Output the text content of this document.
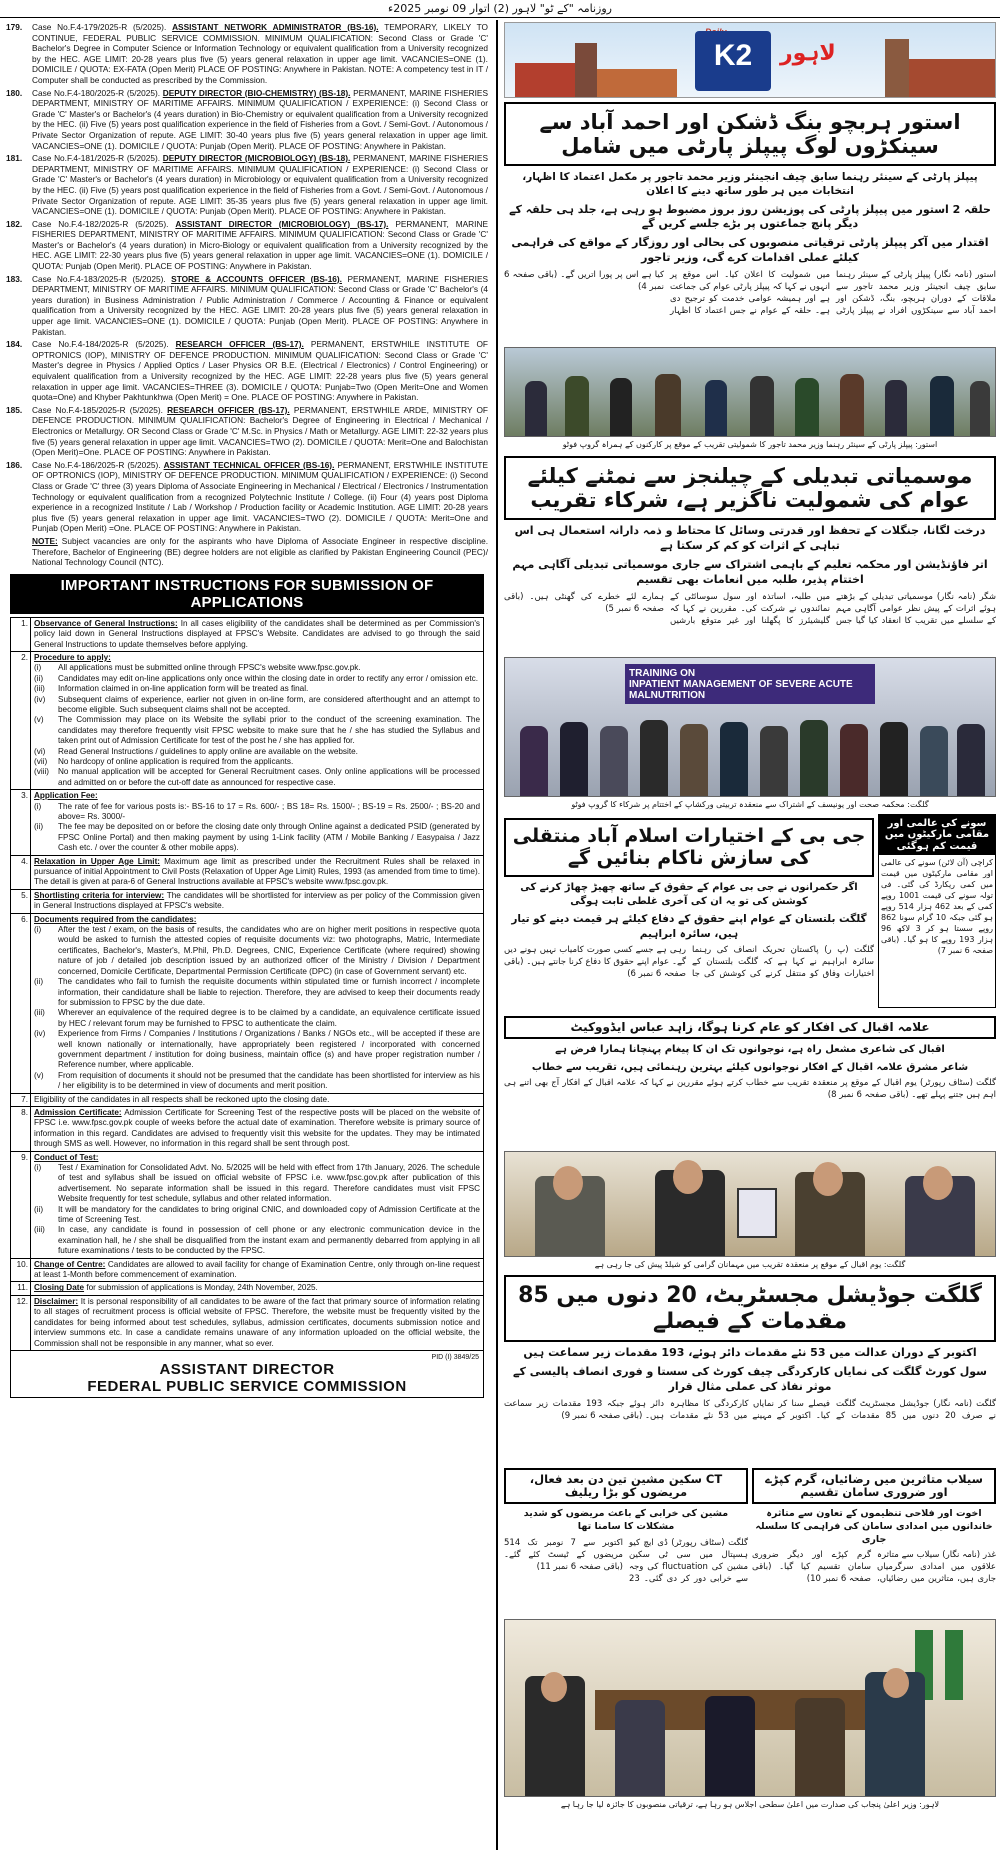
روزنامہ "کے ٹو" لاہور (2) اتوار 09 نومبر 2025ء
179.	Case No.F.4-179/2025-R (5/2025). ASSISTANT NETWORK ADMINISTRATOR (BS-16). TEMPORARY, LIKELY TO CONTINUE, FEDERAL PUBLIC SERVICE COMMISSION. MINIMUM QUALIFICATION: Second Class or Grade 'C' Bachelor's Degree in Computer Science or Information Technology or equivalent qualification from a University recognized by the HEC. AGE LIMIT: 20-28 years plus five (5) years general relaxation in upper age limit. VACANCIES=ONE (1). DOMICILE / QUOTA: EX-FATA (Open Merit) PLACE OF POSTING: Anywhere in Pakistan. NOTE: A competency test in IT / Computer shall be conducted as prescribed by the Commission.
180.	Case No.F.4-180/2025-R (5/2025). DEPUTY DIRECTOR (BIO-CHEMISTRY) (BS-18). PERMANENT, MARINE FISHERIES DEPARTMENT, MINISTRY OF MARITIME AFFAIRS. MINIMUM QUALIFICATION / EXPERIENCE: (i) Second Class or Grade 'C' Master's or Bachelor's (4 years duration) in Bio-Chemistry or equivalent qualification from a University recognized by the HEC. (ii) Five (5) years post qualification experience in the field of Fisheries from a Govt. / Semi-Govt. / Autonomous / Private Sector Organization of repute. AGE LIMIT: 30-40 years plus five (5) years general relaxation in upper age limit. VACANCIES=ONE (1). DOMICILE / QUOTA: Punjab (Open Merit). PLACE OF POSTING: Anywhere in Pakistan.
181.	Case No.F.4-181/2025-R (5/2025). DEPUTY DIRECTOR (MICROBIOLOGY) (BS-18). PERMANENT, MARINE FISHERIES DEPARTMENT, MINISTRY OF MARITIME AFFAIRS. MINIMUM QUALIFICATION / EXPERIENCE: (i) Second Class or Grade 'C' Master's or Bachelor's (4 years duration) in Microbiology or equivalent qualification from a University recognized by the HEC. (ii) Five (5) years post qualification experience in the field of Fisheries from a Govt. / Semi-Govt. / Autonomous / Private Sector Organization of repute. AGE LIMIT: 35-35 years plus five (5) years general relaxation in upper age limit. VACANCIES=ONE (1). DOMICILE / QUOTA: Punjab (Open Merit). PLACE OF POSTING: Anywhere in Pakistan.
182.	Case No.F.4-182/2025-R (5/2025). ASSISTANT DIRECTOR (MICROBIOLOGY) (BS-17). PERMANENT, MARINE FISHERIES DEPARTMENT, MINISTRY OF MARITIME AFFAIRS. MINIMUM QUALIFICATION: Second Class or Grade 'C' Master's or Bachelor's (4 years duration) in Micro-Biology or equivalent qualification from a University recognized by the HEC. AGE LIMIT: 22-30 years plus five (5) years general relaxation in upper age limit. VACANCIES=ONE (1). DOMICILE / QUOTA: Punjab (Open Merit). PLACE OF POSTING: Anywhere in Pakistan.
183.	Case No.F.4-183/2025-R (5/2025). STORE & ACCOUNTS OFFICER (BS-16). PERMANENT, MARINE FISHERIES DEPARTMENT, MINISTRY OF MARITIME AFFAIRS. MINIMUM QUALIFICATION: Second Class or Grade 'C' Bachelor's (4 years duration) in Business Administration / Public Administration / Commerce / Accounting & Finance or equivalent qualification from a University recognized by the HEC. AGE LIMIT: 20-28 years plus five (5) years general relaxation in upper age limit. VACANCIES=ONE (1). DOMICILE / QUOTA: Punjab (Open Merit). PLACE OF POSTING: Anywhere in Pakistan.
184.	Case No.F.4-184/2025-R (5/2025). RESEARCH OFFICER (BS-17). PERMANENT, ERSTWHILE INSTITUTE OF OPTRONICS (IOP), MINISTRY OF DEFENCE PRODUCTION. MINIMUM QUALIFICATION: Second Class or Grade 'C' Master's degree in Physics / Applied Optics / Laser Physics OR B.E. (Electrical / Electronics) / Control Engineering) or equivalent qualification from a University recognized by the HEC. AGE LIMIT: 22-28 years plus five (5) years general relaxation in upper age limit. VACANCIES=THREE (3). DOMICILE / QUOTA: Punjab=Two (Open Merit=One and Women quota=One) and Khyber Pakhtunkhwa (Open Merit) = One. PLACE OF POSTING: Anywhere in Pakistan.
185.	Case No.F.4-185/2025-R (5/2025). RESEARCH OFFICER (BS-17). PERMANENT, ERSTWHILE ARDE, MINISTRY OF DEFENCE PRODUCTION. MINIMUM QUALIFICATION: Bachelor's Degree of Engineering in Electrical / Mechanical / Electronics or Metallurgy. OR Second Class or Grade 'C' M.Sc. in Physics / Math or Metallurgy. AGE LIMIT: 22-32 years plus five (5) years general relaxation in upper age limit. VACANCIES=TWO (2). DOMICILE / QUOTA: Merit=One and Balochistan (Open Merit)=One. PLACE OF POSTING: Anywhere in Pakistan.
186.	Case No.F.4-186/2025-R (5/2025). ASSISTANT TECHNICAL OFFICER (BS-16). PERMANENT, ERSTWHILE INSTITUTE OF OPTRONICS (IOP), MINISTRY OF DEFENCE PRODUCTION. MINIMUM QUALIFICATION / EXPERIENCE: (i) Second Class or Grade 'C' three (3) years Diploma of Associate Engineering in Mechanical / Electrical / Electronics / Instrumentation Technology or equivalent qualification from a recognized Polytechnic Institute / College. (ii) Four (4) years post Diploma experience in a recognized Institute / Lab / Workshop / Production facility or Academic Institution. AGE LIMIT: 20-28 years plus five (5) years general relaxation in upper age limit. VACANCIES=TWO (2). DOMICILE / QUOTA: Merit=One and Punjab (Open Merit) =One. PLACE OF POSTING: Anywhere in Pakistan.
NOTE: Subject vacancies are only for the aspirants who have Diploma of Associate Engineer in respective discipline. Therefore, Bachelor of Engineering (BE) degree holders are not eligible as clarified by Pakistan Engineering Council (PEC)/ National Technology Council (NTC).
IMPORTANT INSTRUCTIONS FOR SUBMISSION OF APPLICATIONS
1. Observance of General Instructions: In all cases eligibility of the candidates shall be determined as per Commission's policy laid down in General Instructions displayed at FPSC's Website. Candidates are advised to go through the said General Instructions to update themselves before applying.
2. Procedure to apply:
(i)	All applications must be submitted online through FPSC's website www.fpsc.gov.pk.
(ii)	Candidates may edit on-line applications only once within the closing date in order to rectify any error / omission etc.
(iii)	Information claimed in on-line application form will be treated as final.
(iv)	Subsequent claims of experience, earlier not given in on-line form, are considered afterthought and an attempt to become eligible. Such subsequent claims shall not be accepted.
(v)	The Commission may place on its Website the syllabi prior to the conduct of the screening examination. The candidates may therefore frequently visit FPSC website to make sure that he / she has studied the Syllabus and taken print out of Admission Certificate for test of the post he / she has applied for.
(vi)	Read General Instructions / guidelines to apply online are available on the website.
(vii)	No hardcopy of online application is required from the applicants.
(viii)	No manual application will be accepted for General Recruitment cases. Only online applications will be processed and admitted on or before the cut-off date as announced for respective case.
3. Application Fee:
(i)	The rate of fee for various posts is:- BS-16 to 17 = Rs. 600/- ; BS 18= Rs. 1500/- ; BS-19 = Rs. 2500/- ; BS-20 and above= Rs. 3000/-
(ii)	The fee may be deposited on or before the closing date only through Online against a dedicated PSID (generated by FPSC Online Portal) and then making payment by using 1-Link facility (ATM / Mobile Banking / Easypaisa / Jazz Cash etc. / over the counter & other mobile apps).
4. Relaxation in Upper Age Limit: Maximum age limit as prescribed under the Recruitment Rules shall be relaxed in pursuance of initial Appointment to Civil Posts (Relaxation of Upper Age Limit) Rules, 1993 (as amended from time to time). The detail is given at para-6 of General Instructions available at FPSC's website www.fpsc.gov.pk.
5. Shortlisting criteria for interview: The candidates will be shortlisted for interview as per policy of the Commission given in General Instructions displayed at FPSC's website.
6. Documents required from the candidates:
(i)	After the test / exam, on the basis of results, the candidates who are on higher merit positions in respective quota would be asked to furnish the attested copies of requisite documents viz: two photographs, Matric, Intermediate certificates, Bachelor's, Master's, M.Phil, Ph.D. Degrees, CNIC, Experience Certificate (where required) showing nature of job / detailed job description issued by an authorized officer of the Ministry / Division / Department concerned, Domicile Certificate, Departmental Permission Certificate (DPC) (in case of Government servant) etc.
(ii)	The candidates who fail to furnish the requisite documents within stipulated time or furnish incorrect / incomplete information, their candidature shall be liable to rejection. Therefore, they are advised to keep their documents ready for submission to FPSC by the due date.
(iii)	Wherever an equivalence of the required degree is to be claimed by a candidate, an equivalence certificate issued by HEC / relevant forum may be furnished to FPSC to authenticate the claim.
(iv)	Experience from Firms / Companies / Institutions / Organizations / Banks / NGOs etc., will be accepted if these are well known nationally or internationally, have appropriately been registered / incorporated with concerned government department / institution for doing business, maintain office (s) and have proper registration number / Reference number, where applicable.
(v)	From requisition of documents it should not be presumed that the candidate has been shortlisted for interview as his / her eligibility is to be determined in view of documents and merit position.
7. Eligibility of the candidates in all respects shall be reckoned upto the closing date.
8. Admission Certificate: Admission Certificate for Screening Test of the respective posts will be placed on the website of FPSC i.e. www.fpsc.gov.pk couple of weeks before the actual date of examination. Therefore website is primary source of information in this regard. Candidates are advised to frequently visit this website for the updates. They may be intimated through SMS as well. However, no information in this regard shall be sent through post.
9. Conduct of Test:
(i)	Test / Examination for Consolidated Advt. No. 5/2025 will be held with effect from 17th January, 2026. The schedule of test and syllabus shall be issued on official website of FPSC i.e. www.fpsc.gov.pk after publication of this advertisement. No separate information shall be issued in this regard. Therefore candidates must visit FPSC Website frequently for test schedule, syllabus and other related information.
(ii)	It will be mandatory for the candidates to bring original CNIC, and downloaded copy of Admission Certificate at the time of Screening Test.
(iii)	In case, any candidate is found in possession of cell phone or any electronic communication device in the examination hall, he / she shall be disqualified from the instant exam and permanently debarred from applying in all future examinations / tests to be conducted by the FPSC.
10. Change of Centre: Candidates are allowed to avail facility for change of Examination Centre, only through on-line request at least 1-Month before commencement of examination.
11. Closing Date for submission of applications is Monday, 24th November, 2025.
12. Disclaimer: It is personal responsibility of all candidates to be aware of the fact that primary source of information relating to all stages of recruitment process is official website of FPSC. Therefore, the website must be frequently visited by the candidates for being informed about test schedules, syllabus, admission certificates, documents submission notice and interview summons etc. In case a candidate remains unaware of any information uploaded on the official website, the Commission shall not be responsible in any manner, what so ever.
PID (I) 3849/25
ASSISTANT DIRECTOR
FEDERAL PUBLIC SERVICE COMMISSION
K2	لاہور
استور ہربچو بنگ ڈشکن اور احمد آباد سے سینکڑوں لوگ پیپلز پارٹی میں شامل
پیپلز پارٹی کے سینئر رہنما سابق چیف انجینئر وزیر محمد تاجور پر مکمل اعتماد کا اظہار، انتخابات میں ہر طور ساتھ دینے کا اعلان
حلقہ 2 استور میں پیپلز پارٹی کی پوزیشن روز بروز مضبوط ہو رہی ہے، جلد ہی حلقہ کے دیگر پانچ جماعتوں پر بڑے جلسے کریں گے
اقتدار میں آکر پیپلز پارٹی ترقیاتی منصوبوں کی بحالی اور روزگار کے مواقع کی فراہمی کیلئے عملی اقدامات کرے گی، وزیر تاجور
استور (نامہ نگار) پیپلز پارٹی کے سینئر رہنما سابق چیف انجینئر وزیر محمد تاجور سے ملاقات کے دوران ہربچو، بنگ، ڈشکن اور احمد آباد سے سینکڑوں افراد نے پیپلز پارٹی میں شمولیت کا اعلان کیا۔ اس موقع پر انہوں نے کہا کہ پیپلز پارٹی عوام کی جماعت ہے اور ہمیشہ عوامی خدمت کو ترجیح دی ہے۔ حلقہ کے عوام نے جس اعتماد کا اظہار کیا ہے اس پر پورا اتریں گے۔ (باقی صفحہ 6 نمبر 4)
استور: پیپلز پارٹی کے سینئر رہنما وزیر محمد تاجور کا شمولیتی تقریب کے موقع پر کارکنوں کے ہمراہ گروپ فوٹو
موسمیاتی تبدیلی کے چیلنجز سے نمٹنے کیلئے عوام کی شمولیت ناگزیر ہے، شرکاء تقریب
درخت لگانا، جنگلات کے تحفظ اور قدرتی وسائل کا محتاط و ذمہ دارانہ استعمال ہی اس تباہی کے اثرات کو کم کر سکتا ہے
اتر فاؤنڈیشن اور محکمہ تعلیم کے باہمی اشتراک سے جاری موسمیاتی تبدیلی آگاہی مہم اختتام پذیر، طلبہ میں انعامات بھی تقسیم
شگر (نامہ نگار) موسمیاتی تبدیلی کے بڑھتے ہوئے اثرات کے پیش نظر عوامی آگاہی مہم کے سلسلے میں تقریب کا انعقاد کیا گیا جس میں طلبہ، اساتذہ اور سول سوسائٹی کے نمائندوں نے شرکت کی۔ مقررین نے کہا کہ گلیشیئرز کا پگھلنا اور غیر متوقع بارشیں ہمارے لئے خطرے کی گھنٹی ہیں۔ (باقی صفحہ 6 نمبر 5)
TRAINING ON
INPATIENT MANAGEMENT OF SEVERE ACUTE MALNUTRITION
گلگت: محکمہ صحت اور یونیسف کے اشتراک سے منعقدہ تربیتی ورکشاپ کے اختتام پر شرکاء کا گروپ فوٹو
جی بی کے اختیارات اسلام آباد منتقلی کی سازش ناکام بنائیں گے
اگر حکمرانوں نے جی بی عوام کے حقوق کے ساتھ چھیڑ چھاڑ کرنے کی کوشش کی تو یہ ان کی آخری غلطی ثابت ہوگی
گلگت بلتستان کے عوام اپنے حقوق کے دفاع کیلئے ہر قیمت دینے کو تیار ہیں، سائرہ ابراہیم
گلگت (پ ر) پاکستان تحریک انصاف کی رہنما سائرہ ابراہیم نے کہا ہے کہ گلگت بلتستان کے اختیارات وفاق کو منتقل کرنے کی کوشش کی جا رہی ہے جسے کسی صورت کامیاب نہیں ہونے دیں گے۔ عوام اپنے حقوق کا دفاع کرنا جانتے ہیں۔ (باقی صفحہ 6 نمبر 6)
سونے کی عالمی اور مقامی مارکیٹوں میں قیمت کم ہوگئی
کراچی (آن لائن) سونے کی عالمی اور مقامی مارکیٹوں میں قیمت میں کمی ریکارڈ کی گئی۔ فی تولہ سونے کی قیمت 1001 روپے کمی کے بعد 462 ہزار 514 روپے ہو گئی جبکہ 10 گرام سونا 862 روپے سستا ہو کر 3 لاکھ 96 ہزار 193 روپے کا ہو گیا۔ (باقی صفحہ 6 نمبر 7)
علامہ اقبال کی افکار کو عام کرنا ہوگا، زاہد عباس ایڈووکیٹ
اقبال کی شاعری مشعل راہ ہے، نوجوانوں تک ان کا پیغام پہنچانا ہمارا فرض ہے
شاعر مشرق علامہ اقبال کے افکار نوجوانوں کیلئے بہترین رہنمائی ہیں، تقریب سے خطاب
گلگت (سٹاف رپورٹر) یوم اقبال کے موقع پر منعقدہ تقریب سے خطاب کرتے ہوئے مقررین نے کہا کہ علامہ اقبال کے افکار آج بھی اتنے ہی اہم ہیں جتنے پہلے تھے۔ (باقی صفحہ 6 نمبر 8)
گلگت: یوم اقبال کے موقع پر منعقدہ تقریب میں مہمانان گرامی کو شیلڈ پیش کی جا رہی ہے
گلگت جوڈیشل مجسٹریٹ، 20 دنوں میں 85 مقدمات کے فیصلے
اکتوبر کے دوران عدالت میں 53 نئے مقدمات دائر ہوئے، 193 مقدمات زیر سماعت ہیں
سول کورٹ گلگت کی نمایاں کارکردگی چیف کورٹ کی سستا و فوری انصاف پالیسی کے موثر نفاذ کی عملی مثال قرار
گلگت (نامہ نگار) جوڈیشل مجسٹریٹ گلگت نے صرف 20 دنوں میں 85 مقدمات کے فیصلے سنا کر نمایاں کارکردگی کا مظاہرہ کیا۔ اکتوبر کے مہینے میں 53 نئے مقدمات دائر ہوئے جبکہ 193 مقدمات زیر سماعت ہیں۔ (باقی صفحہ 6 نمبر 9)
CT سکین مشین تین دن بعد فعال، مریضوں کو بڑا ریلیف
مشین کی خرابی کے باعث مریضوں کو شدید مشکلات کا سامنا تھا
گلگت (سٹاف رپورٹر) ڈی ایچ کیو ہسپتال میں سی ٹی سکین مشین کی fluctuation کی وجہ سے خرابی دور کر دی گئی۔ 23 اکتوبر سے 7 نومبر تک 514 مریضوں کے ٹیسٹ کئے گئے۔ (باقی صفحہ 6 نمبر 11)
سیلاب متاثرین میں رضائیاں، گرم کپڑے اور ضروری سامان تقسیم
اخوت اور فلاحی تنظیموں کے تعاون سے متاثرہ خاندانوں میں امدادی سامان کی فراہمی کا سلسلہ جاری
غذر (نامہ نگار) سیلاب سے متاثرہ علاقوں میں امدادی سرگرمیاں جاری ہیں، متاثرین میں رضائیاں، گرم کپڑے اور دیگر ضروری سامان تقسیم کیا گیا۔ (باقی صفحہ 6 نمبر 10)
لاہور: وزیر اعلیٰ پنجاب کی صدارت میں اعلیٰ سطحی اجلاس ہو رہا ہے، ترقیاتی منصوبوں کا جائزہ لیا جا رہا ہے
